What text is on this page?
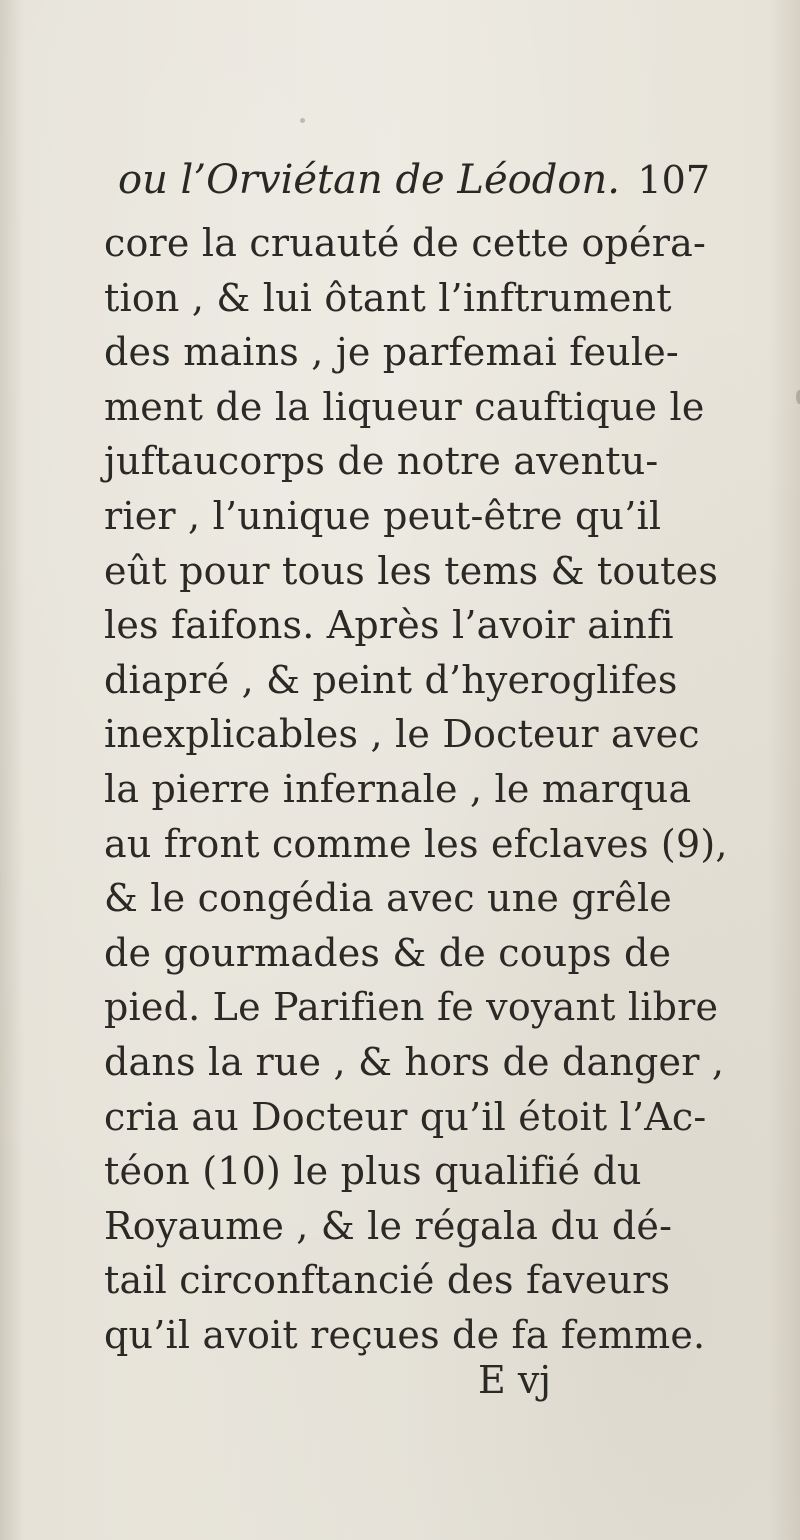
ou l’Orviétan de Léodon. 107
core la cruauté de cette opéra-
tion , & lui ôtant l’inftrument
des mains , je parfemai feule-
ment de la liqueur cauftique le
juftaucorps de notre aventu-
rier , l’unique peut-être qu’il
eût pour tous les tems & toutes
les faifons. Après l’avoir ainfi
diapré , & peint d’hyeroglifes
inexplicables , le Docteur avec
la pierre infernale , le marqua
au front comme les efclaves (9),
& le congédia avec une grêle
de gourmades & de coups de
pied. Le Parifien fe voyant libre
dans la rue , & hors de danger ,
cria au Docteur qu’il étoit l’Ac-
téon (10) le plus qualifié du
Royaume , & le régala du dé-
tail circonftancié des faveurs
qu’il avoit reçues de fa femme.
E vj
